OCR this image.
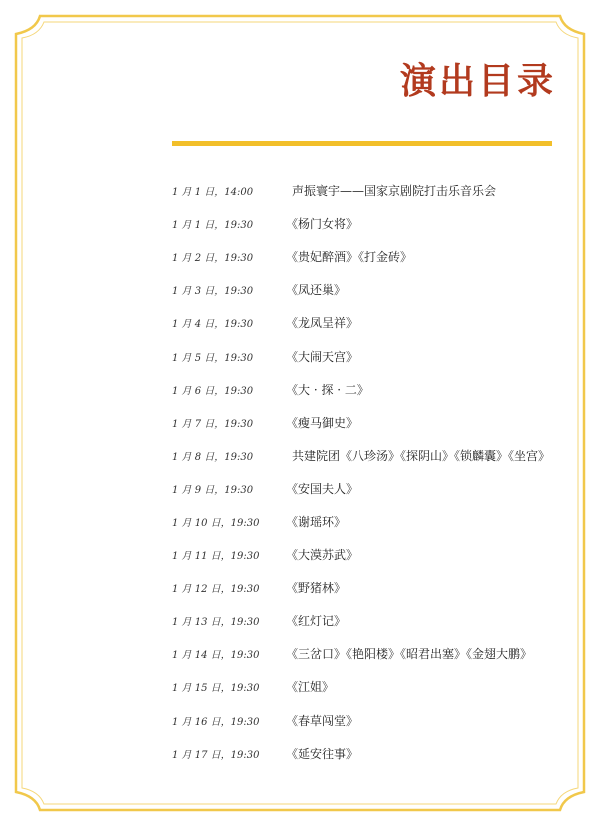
演出目录
1 月 1 日，14:00	声振寰宇——国家京剧院打击乐音乐会
1 月 1 日，19:30	《杨门女将》
1 月 2 日，19:30	《贵妃醉酒》《打金砖》
1 月 3 日，19:30	《凤还巢》
1 月 4 日，19:30	《龙凤呈祥》
1 月 5 日，19:30	《大闹天宫》
1 月 6 日，19:30	《大 · 探 · 二》
1 月 7 日，19:30	《瘦马御史》
1 月 8 日，19:30	共建院团《八珍汤》《探阴山》《锁麟囊》《坐宫》
1 月 9 日，19:30	《安国夫人》
1 月 10 日，19:30	《谢瑶环》
1 月 11 日，19:30	《大漠苏武》
1 月 12 日，19:30	《野猪林》
1 月 13 日，19:30	《红灯记》
1 月 14 日，19:30	《三岔口》《艳阳楼》《昭君出塞》《金翅大鹏》
1 月 15 日，19:30	《江姐》
1 月 16 日，19:30	《春草闯堂》
1 月 17 日，19:30	《延安往事》
